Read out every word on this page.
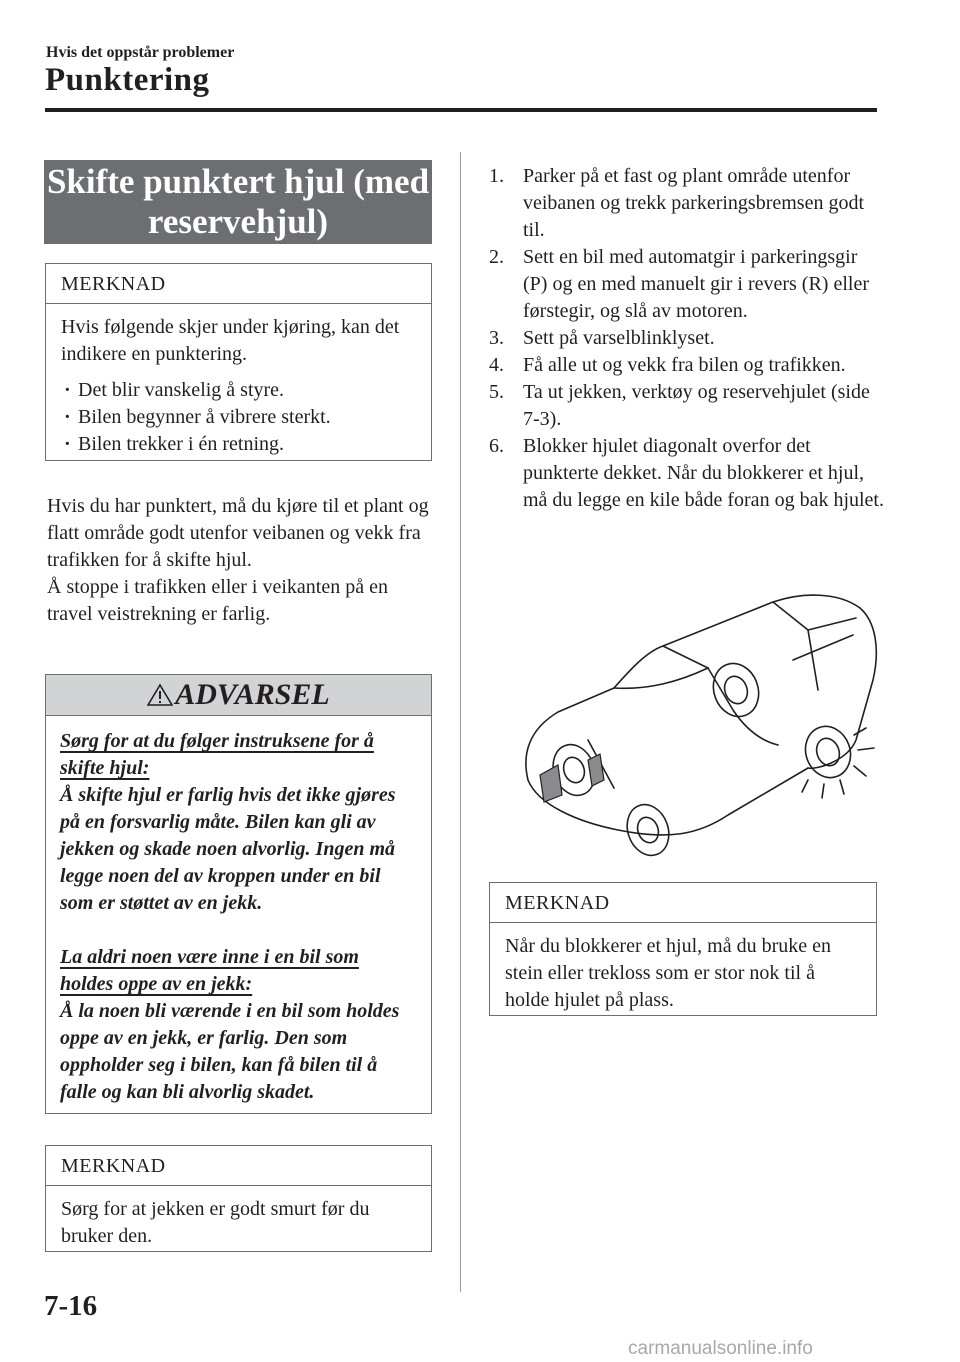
Hvis det oppstår problemer
Punktering
Skifte punktert hjul (med
reservehjul)
MERKNAD
Hvis følgende skjer under kjøring, kan det indikere en punktering.
· Det blir vanskelig å styre.
· Bilen begynner å vibrere sterkt.
· Bilen trekker i én retning.

Hvis du har punktert, må du kjøre til et plant og flatt område godt utenfor veibanen og vekk fra trafikken for å skifte hjul.

Å stoppe i trafikken eller i veikanten på en travel veistrekning er farlig.

ADVARSEL
Sørg for at du følger instruksene for å skifte hjul:
Å skifte hjul er farlig hvis det ikke gjøres på en forsvarlig måte. Bilen kan gli av jekken og skade noen alvorlig. Ingen må legge noen del av kroppen under en bil som er støttet av en jekk.
La aldri noen være inne i en bil som holdes oppe av en jekk:
Å la noen bli værende i en bil som holdes oppe av en jekk, er farlig. Den som oppholder seg i bilen, kan få bilen til å falle og kan bli alvorlig skadet.
MERKNAD
Sørg for at jekken er godt smurt før du bruker den.
1. Parker på et fast og plant område utenfor veibanen og trekk parkeringsbremsen godt til.
2. Sett en bil med automatgir i parkeringsgir (P) og en med manuelt gir i revers (R) eller førstegir, og slå av motoren.
3. Sett på varselblinklyset.
4. Få alle ut og vekk fra bilen og trafikken.
5. Ta ut jekken, verktøy og reservehjulet (side 7-3).
6. Blokker hjulet diagonalt overfor det punkterte dekket. Når du blokkerer et hjul, må du legge en kile både foran og bak hjulet.
MERKNAD
Når du blokkerer et hjul, må du bruke en stein eller trekloss som er stor nok til å holde hjulet på plass.
7-16
carmanualsonline.info
